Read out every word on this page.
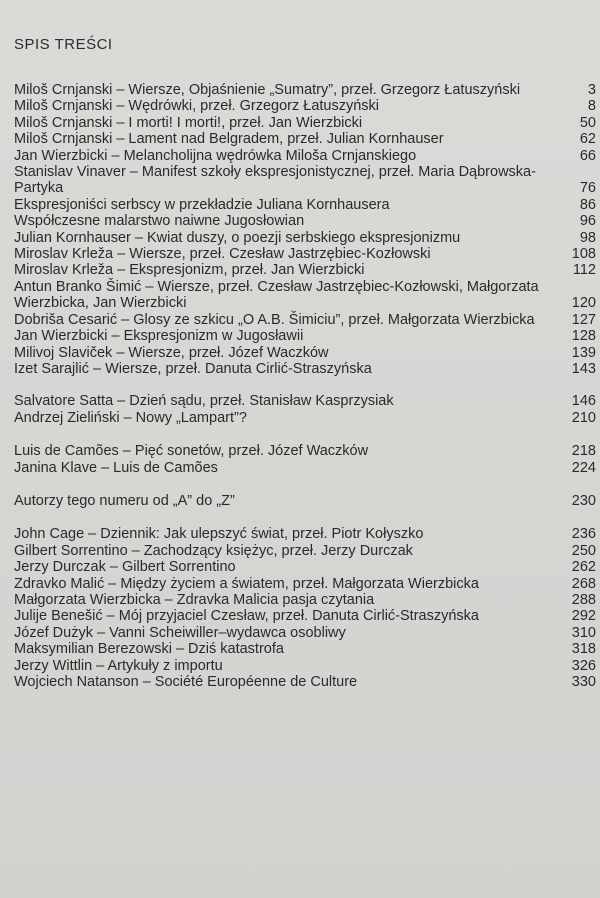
SPIS TREŚCI
Miloš Crnjanski – Wiersze, Objaśnienie „Sumatry”, przeł. Grzegorz Łatuszyński	3
Miloš Crnjanski – Wędrówki, przeł. Grzegorz Łatuszyński	8
Miloš Crnjanski – I morti! I morti!, przeł. Jan Wierzbicki	50
Miloš Crnjanski – Lament nad Belgradem, przeł. Julian Kornhauser	62
Jan Wierzbicki – Melancholijna wędrówka Miloša Crnjanskiego	66
Stanislav Vinaver – Manifest szkoły ekspresjonistycznej, przeł. Maria Dąbrowska-Partyka	76
Ekspresjoniści serbscy w przekładzie Juliana Kornhausera	86
Współczesne malarstwo naiwne Jugosłowian	96
Julian Kornhauser – Kwiat duszy, o poezji serbskiego ekspresjonizmu	98
Miroslav Krleža – Wiersze, przeł. Czesław Jastrzębiec-Kozłowski	108
Miroslav Krleža – Ekspresjonizm, przeł. Jan Wierzbicki	112
Antun Branko Šimić – Wiersze, przeł. Czesław Jastrzębiec-Kozłowski, Małgorzata Wierzbicka, Jan Wierzbicki	120
Dobriša Cesarić – Glosy ze szkicu „O A.B. Šimiciu”, przeł. Małgorzata Wierzbicka	127
Jan Wierzbicki – Ekspresjonizm w Jugosławii	128
Milivoj Slaviček – Wiersze, przeł. Józef Waczków	139
Izet Sarajlić – Wiersze, przeł. Danuta Cirlić-Straszyńska	143
Salvatore Satta – Dzień sądu, przeł. Stanisław Kasprzysiak	146
Andrzej Zieliński – Nowy „Lampart”?	210
Luis de Camões – Pięć sonetów, przeł. Józef Waczków	218
Janina Klave – Luis de Camões	224
Autorzy tego numeru od „A” do „Z”	230
John Cage – Dziennik: Jak ulepszyć świat, przeł. Piotr Kołyszko	236
Gilbert Sorrentino – Zachodzący księżyc, przeł. Jerzy Durczak	250
Jerzy Durczak – Gilbert Sorrentino	262
Zdravko Malić – Między życiem a światem, przeł. Małgorzata Wierzbicka	268
Małgorzata Wierzbicka – Zdravka Malicia pasja czytania	288
Julije Benešić – Mój przyjaciel Czesław, przeł. Danuta Cirlić-Straszyńska	292
Józef Dużyk – Vanni Scheiwiller–wydawca osobliwy	310
Maksymilian Berezowski – Dziś katastrofa	318
Jerzy Wittlin – Artykuły z importu	326
Wojciech Natanson – Société Européenne de Culture	330
